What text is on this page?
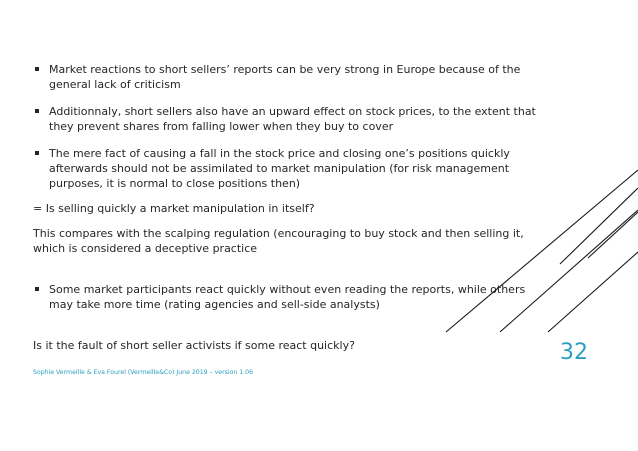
Market reactions to short sellers’ reports can be very strong in Europe because of the general lack of criticism
Additionnaly, short sellers also have an upward effect on stock prices, to the extent that they prevent shares from falling lower when they buy to cover
The mere fact of causing a fall in the stock price and closing one’s positions quickly afterwards should not be assimilated to market manipulation (for risk management purposes, it is normal to close positions then)

= Is selling quickly a market manipulation in itself?

This compares with the scalping regulation (encouraging to buy stock and then selling it, which is considered a deceptive practice

Some market participants react quickly without even reading the reports, while others may take more time (rating agencies and sell-side analysts)

Is it the fault of short seller activists if some react quickly?	32
Sophie Vermeille & Eva Fourel (Vermeille&Co) June 2019 – version 1.06
